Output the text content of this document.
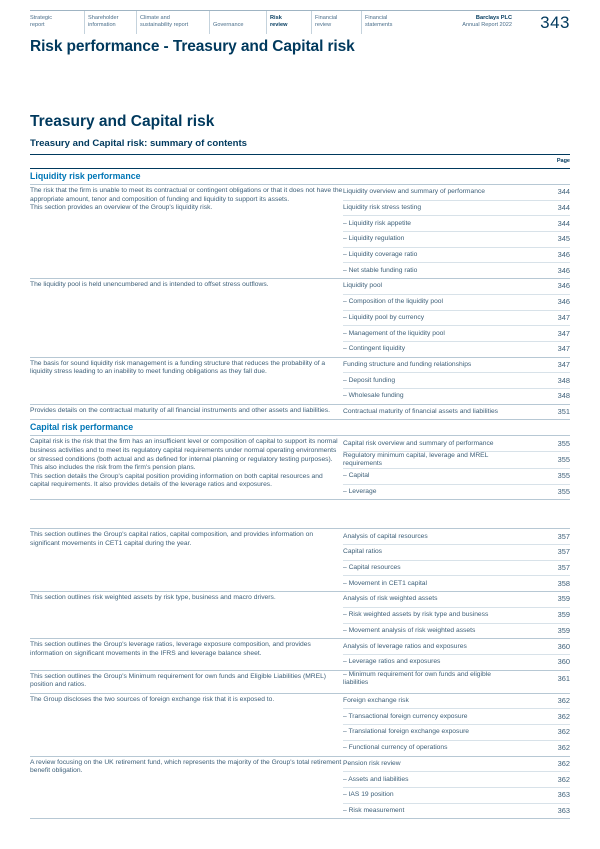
Strategic
report
Shareholder
information
Climate and
sustainability report	
Governance
Risk
review
Financial
review
Financial
statements
Barclays PLC
Annual Report 2022 343
Risk performance - Treasury and Capital risk
Treasury and Capital risk
Treasury and Capital risk: summary of contents
Page
Liquidity risk performance

The risk that the firm is unable to meet its contractual or contingent obligations or that it does not have the appropriate amount, tenor and composition of funding and liquidity to support its assets.

This section provides an overview of the Group's liquidity risk.

Liquidity overview and summary of performance	344
Liquidity risk stress testing	344
– Liquidity risk appetite	344
– Liquidity regulation	345
– Liquidity coverage ratio	346
– Net stable funding ratio	346

The liquidity pool is held unencumbered and is intended to offset stress outflows.	Liquidity pool	346
– Composition of the liquidity pool	346
– Liquidity pool by currency	347
– Management of the liquidity pool	347
– Contingent liquidity	347

The basis for sound liquidity risk management is a funding structure that reduces the probability of a liquidity stress leading to an inability to meet funding obligations as they fall due.

Funding structure and funding relationships	347
– Deposit funding	348
– Wholesale funding	348

Provides details on the contractual maturity of all financial instruments and other assets and liabilities.	Contractual maturity of financial assets and liabilities	351
Capital risk performance

Capital risk is the risk that the firm has an insufficient level or composition of capital to support its normal business activities and to meet its regulatory capital requirements under normal operating environments or stressed conditions (both actual and as defined for internal planning or regulatory testing purposes). This also includes the risk from the firm's pension plans.

This section details the Group's capital position providing information on both capital resources and capital requirements. It also provides details of the leverage ratios and exposures.

Capital risk overview and summary of performance	355
Regulatory minimum capital, leverage and MREL requirements	355
– Capital	355
– Leverage	355

This section outlines the Group's capital ratios, capital composition, and provides information on significant movements in CET1 capital during the year.

Analysis of capital resources	357
Capital ratios	357
– Capital resources	357
– Movement in CET1 capital	358

This section outlines risk weighted assets by risk type, business and macro drivers.	Analysis of risk weighted assets	359
– Risk weighted assets by risk type and business	359
– Movement analysis of risk weighted assets	359

This section outlines the Group's leverage ratios, leverage exposure composition, and provides information on significant movements in the IFRS and leverage balance sheet.

Analysis of leverage ratios and exposures	360
– Leverage ratios and exposures	360

This section outlines the Group's Minimum requirement for own funds and Eligible Liabilities (MREL) position and ratios.

– Minimum requirement for own funds and eligible liabilities	361

The Group discloses the two sources of foreign exchange risk that it is exposed to.	Foreign exchange risk	362
– Transactional foreign currency exposure	362
– Translational foreign exchange exposure	362
– Functional currency of operations	362

A review focusing on the UK retirement fund, which represents the majority of the Group's total retirement benefit obligation.

Pension risk review	362
– Assets and liabilities	362
– IAS 19 position	363
– Risk measurement	363
